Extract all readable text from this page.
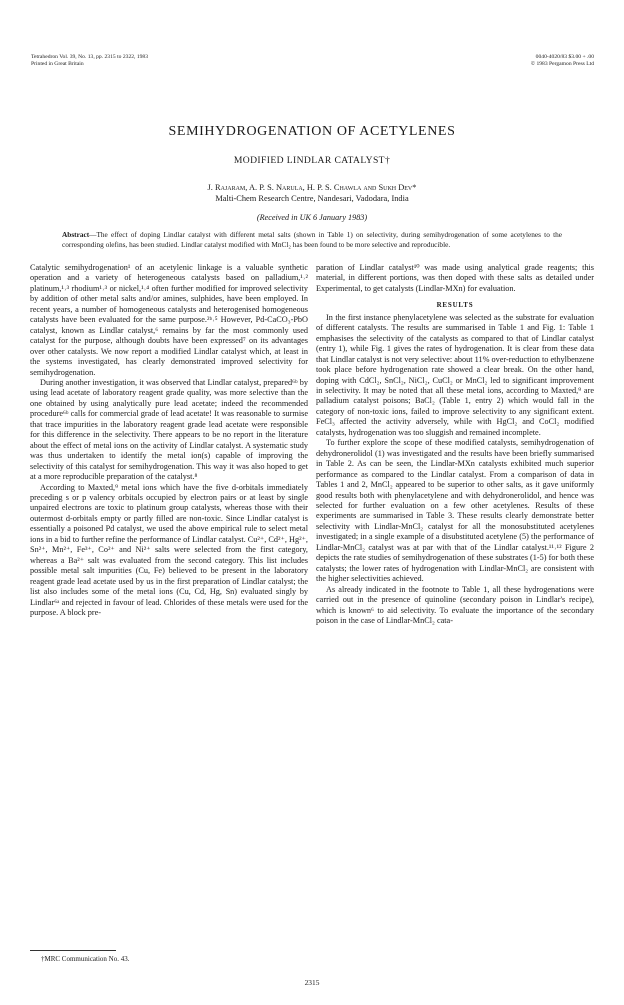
Tetrahedron Vol. 39, No. 13, pp. 2315 to 2322, 1983
Printed in Great Britain
0040-4020/83 $3.00 + .00
© 1983 Pergamon Press Ltd
SEMIHYDROGENATION OF ACETYLENES
MODIFIED LINDLAR CATALYST†
J. Rajaram, A. P. S. Narula, H. P. S. Chawla and Sukh Dev*
Malti-Chem Research Centre, Nandesari, Vadodara, India
(Received in UK 6 January 1983)
Abstract—The effect of doping Lindlar catalyst with different metal salts (shown in Table 1) on selectivity, during semihydrogenation of some acetylenes to the corresponding olefins, has been studied. Lindlar catalyst modified with MnCl₂ has been found to be more selective and reproducible.

Catalytic semihydrogenation¹ of an acetylenic linkage is a valuable synthetic operation and a variety of heterogeneous catalysts based on palladium,¹˒² platinum,¹˒³ rhodium¹˒³ or nickel,¹˒⁴ often further modified for improved selectivity by addition of other metal salts and/or amines, sulphides, have been employed. In recent years, a number of homogeneous catalysts and heterogenised homogeneous catalysts have been evaluated for the same purpose.²ᵇ˒⁵ However, Pd-CaCO₃-PbO catalyst, known as Lindlar catalyst,⁶ remains by far the most commonly used catalyst for the purpose, although doubts have been expressed⁷ on its advantages over other catalysts. We now report a modified Lindlar catalyst which, at least in the systems investigated, has clearly demonstrated improved selectivity for semihydrogenation.

During another investigation, it was observed that Lindlar catalyst, prepared⁶ᵇ by using lead acetate of laboratory reagent grade quality, was more selective than the one obtained by using analytically pure lead acetate; indeed the recommended procedure⁶ᵇ calls for commercial grade of lead acetate! It was reasonable to surmise that trace impurities in the laboratory reagent grade lead acetate were responsible for this difference in the selectivity. There appears to be no report in the literature about the effect of metal ions on the activity of Lindlar catalyst. A systematic study was thus undertaken to identify the metal ion(s) capable of improving the selectivity of this catalyst for semihydrogenation. This way it was also hoped to get at a more reproducible preparation of the catalyst.⁸

According to Maxted,⁹ metal ions which have the five d-orbitals immediately preceding s or p valency orbitals occupied by electron pairs or at least by single unpaired electrons are toxic to platinum group catalysts, whereas those with their outermost d-orbitals empty or partly filled are non-toxic. Since Lindlar catalyst is essentially a poisoned Pd catalyst, we used the above empirical rule to select metal ions in a bid to further refine the performance of Lindlar catalyst. Cu²⁺, Cd²⁺, Hg²⁺, Sn²⁺, Mn²⁺, Fe³⁺, Co²⁺ and Ni²⁺ salts were selected from the first category, whereas a Ba²⁺ salt was evaluated from the second category. This list includes possible metal salt impurities (Cu, Fe) believed to be present in the laboratory reagent grade lead acetate used by us in the first preparation of Lindlar catalyst; the list also includes some of the metal ions (Cu, Cd, Hg, Sn) evaluated singly by Lindlar⁶ᵃ and rejected in favour of lead. Chlorides of these metals were used for the purpose. A block pre-

paration of Lindlar catalyst¹⁰ was made using analytical grade reagents; this material, in different portions, was then doped with these salts as detailed under Experimental, to get catalysts (Lindlar-MXn) for evaluation.

RESULTS

In the first instance phenylacetylene was selected as the substrate for evaluation of different catalysts. The results are summarised in Table 1 and Fig. 1: Table 1 emphasises the selectivity of the catalysts as compared to that of Lindlar catalyst (entry 1), while Fig. 1 gives the rates of hydrogenation. It is clear from these data that Lindlar catalyst is not very selective: about 11% over-reduction to ethylbenzene took place before hydrogenation rate showed a clear break. On the other hand, doping with CdCl₂, SnCl₂, NiCl₂, CuCl₂ or MnCl₂ led to significant improvement in selectivity. It may be noted that all these metal ions, according to Maxted,⁹ are palladium catalyst poisons; BaCl₂ (Table 1, entry 2) which would fall in the category of non-toxic ions, failed to improve selectivity to any significant extent. FeCl₃ affected the activity adversely, while with HgCl₂ and CoCl₂ modified catalysts, hydrogenation was too sluggish and remained incomplete.

To further explore the scope of these modified catalysts, semihydrogenation of dehydronerolidol (1) was investigated and the results have been briefly summarised in Table 2. As can be seen, the Lindlar-MXn catalysts exhibited much superior performance as compared to the Lindlar catalyst. From a comparison of data in Tables 1 and 2, MnCl₂ appeared to be superior to other salts, as it gave uniformly good results both with phenylacetylene and with dehydronerolidol, and hence was selected for further evaluation on a few other acetylenes. Results of these experiments are summarised in Table 3. These results clearly demonstrate better selectivity with Lindlar-MnCl₂ catalyst for all the monosubstituted acetylenes investigated; in a single example of a disubstituted acetylene (5) the performance of Lindlar-MnCl₂ catalyst was at par with that of the Lindlar catalyst.¹¹˒¹² Figure 2 depicts the rate studies of semihydrogenation of these substrates (1-5) for both these catalysts; the lower rates of hydrogenation with Lindlar-MnCl₂ are consistent with the higher selectivities achieved.

As already indicated in the footnote to Table 1, all these hydrogenations were carried out in the presence of quinoline (secondary poison in Lindlar's recipe), which is known⁶ to aid selectivity. To evaluate the importance of the secondary poison in the case of Lindlar-MnCl₂ cata-

†MRC Communication No. 43.
2315
